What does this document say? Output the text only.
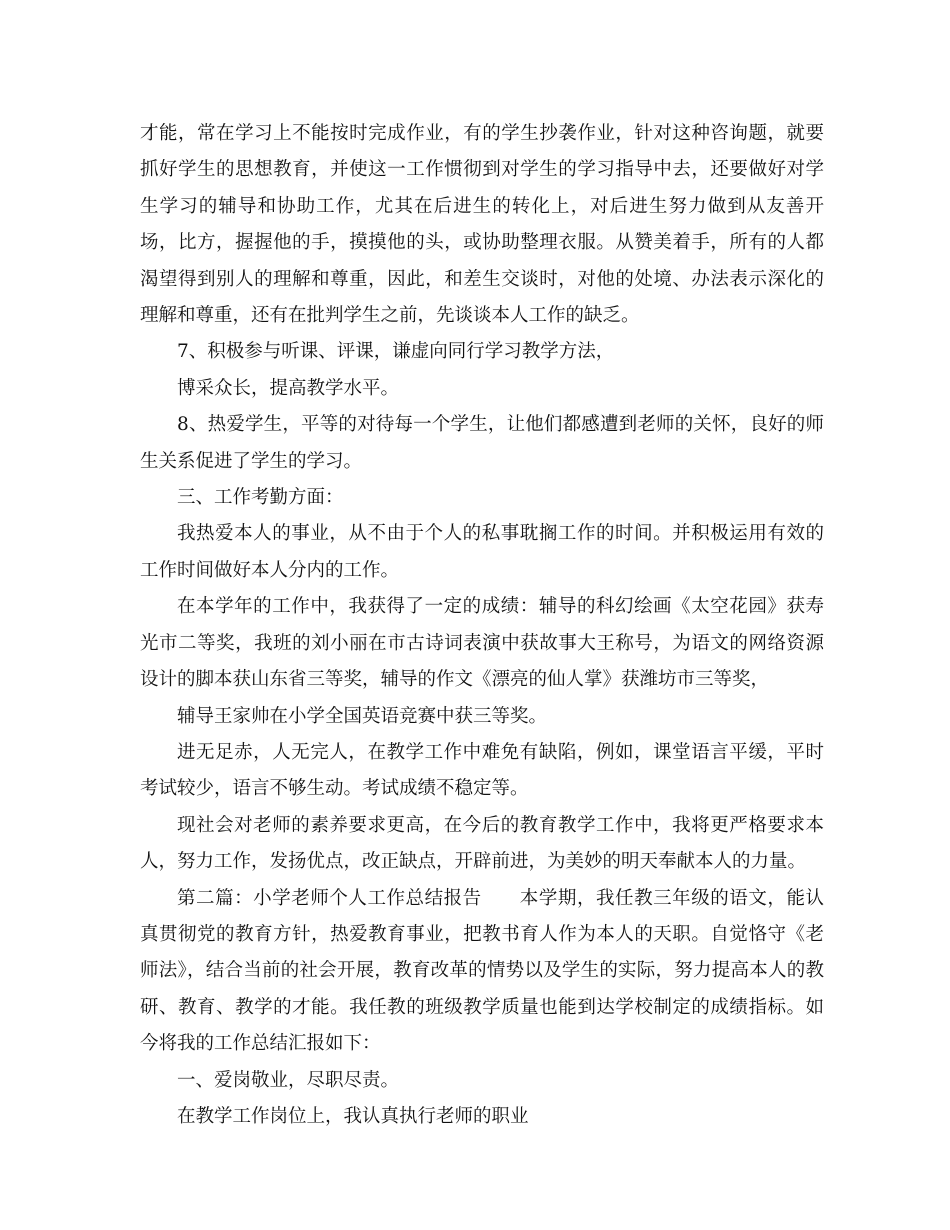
才能，常在学习上不能按时完成作业，有的学生抄袭作业，针对这种咨询题，就要抓好学生的思想教育，并使这一工作惯彻到对学生的学习指导中去，还要做好对学生学习的辅导和协助工作，尤其在后进生的转化上，对后进生努力做到从友善开场，比方，握握他的手，摸摸他的头，或协助整理衣服。从赞美着手，所有的人都渴望得到别人的理解和尊重，因此，和差生交谈时，对他的处境、办法表示深化的理解和尊重，还有在批判学生之前，先谈谈本人工作的缺乏。

7、积极参与听课、评课，谦虚向同行学习教学方法，

博采众长，提高教学水平。

8、热爱学生，平等的对待每一个学生，让他们都感遭到老师的关怀，良好的师生关系促进了学生的学习。

三、工作考勤方面：

我热爱本人的事业，从不由于个人的私事耽搁工作的时间。并积极运用有效的工作时间做好本人分内的工作。

在本学年的工作中，我获得了一定的成绩：辅导的科幻绘画《太空花园》获寿光市二等奖，我班的刘小丽在市古诗词表演中获故事大王称号，为语文的网络资源设计的脚本获山东省三等奖，辅导的作文《漂亮的仙人掌》获潍坊市三等奖，

辅导王家帅在小学全国英语竞赛中获三等奖。

进无足赤，人无完人，在教学工作中难免有缺陷，例如，课堂语言平缓，平时考试较少，语言不够生动。考试成绩不稳定等。

现社会对老师的素养要求更高，在今后的教育教学工作中，我将更严格要求本人，努力工作，发扬优点，改正缺点，开辟前进，为美妙的明天奉献本人的力量。

第二篇：小学老师个人工作总结报告　　本学期，我任教三年级的语文，能认真贯彻党的教育方针，热爱教育事业，把教书育人作为本人的天职。自觉恪守《老师法》，结合当前的社会开展，教育改革的情势以及学生的实际，努力提高本人的教研、教育、教学的才能。我任教的班级教学质量也能到达学校制定的成绩指标。如今将我的工作总结汇报如下：

一、爱岗敬业，尽职尽责。

在教学工作岗位上，我认真执行老师的职业
